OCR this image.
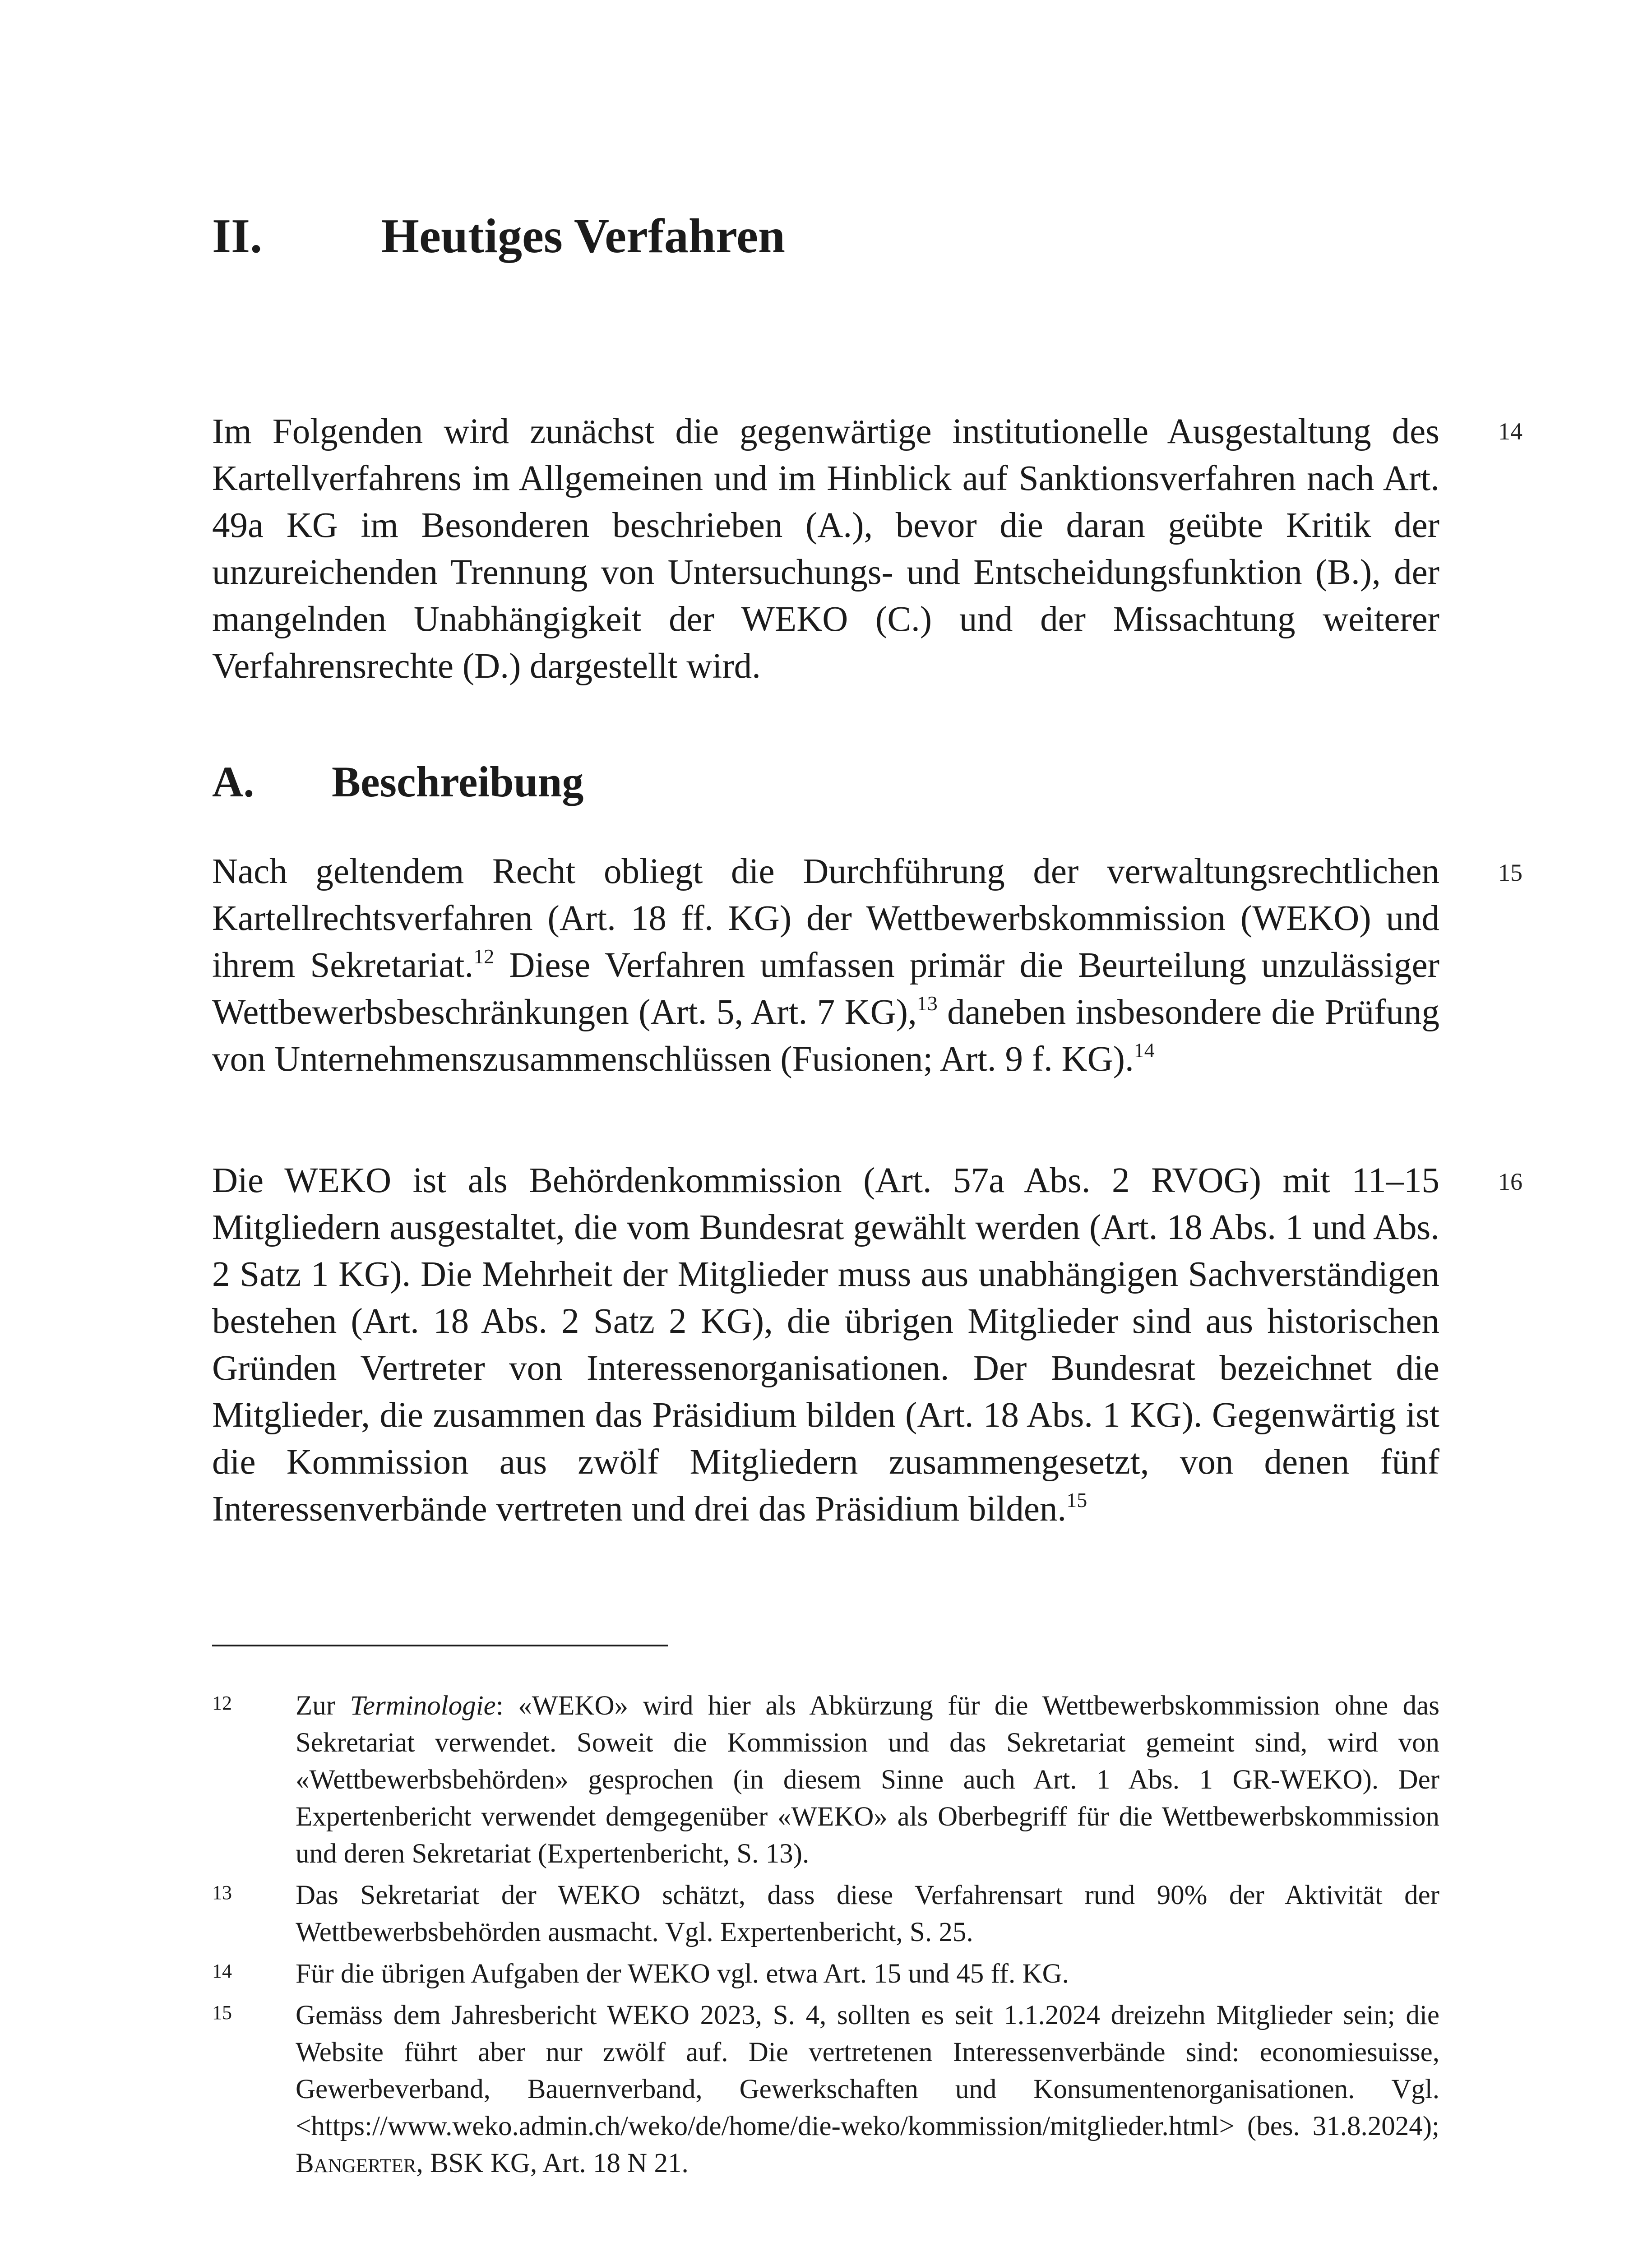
II.	Heutiges Verfahren
14

Im Folgenden wird zunächst die gegenwärtige institutionelle Ausgestaltung des Kartellverfahrens im Allgemeinen und im Hinblick auf Sanktionsverfahren nach Art. 49a KG im Besonderen beschrieben (A.), bevor die daran geübte Kritik der unzureichenden Trennung von Untersuchungs- und Entscheidungsfunktion (B.), der mangelnden Unabhängigkeit der WEKO (C.) und der Missachtung weiterer Verfahrensrechte (D.) dargestellt wird.

A.	Beschreibung
15

Nach geltendem Recht obliegt die Durchführung der verwaltungsrechtlichen Kartellrechtsverfahren (Art. 18 ff. KG) der Wettbewerbskommission (WEKO) und ihrem Sekretariat.$^{12}$ Diese Verfahren umfassen primär die Beurteilung unzulässiger Wettbewerbsbeschränkungen (Art. 5, Art. 7 KG),$^{13}$ daneben insbesondere die Prüfung von Unternehmenszusammenschlüssen (Fusionen; Art. 9 f. KG).$^{14}$

16

Die WEKO ist als Behördenkommission (Art. 57a Abs. 2 RVOG) mit 11–15 Mitgliedern ausgestaltet, die vom Bundesrat gewählt werden (Art. 18 Abs. 1 und Abs. 2 Satz 1 KG). Die Mehrheit der Mitglieder muss aus unabhängigen Sachverständigen bestehen (Art. 18 Abs. 2 Satz 2 KG), die übrigen Mitglieder sind aus historischen Gründen Vertreter von Interessenorganisationen. Der Bundesrat bezeichnet die Mitglieder, die zusammen das Präsidium bilden (Art. 18 Abs. 1 KG). Gegenwärtig ist die Kommission aus zwölf Mitgliedern zusammengesetzt, von denen fünf Interessenverbände vertreten und drei das Präsidium bilden.$^{15}$

12	Zur Terminologie: «WEKO» wird hier als Abkürzung für die Wettbewerbskommission ohne das Sekretariat verwendet. Soweit die Kommission und das Sekretariat gemeint sind, wird von «Wettbewerbsbehörden» gesprochen (in diesem Sinne auch Art. 1 Abs. 1 GR-WEKO). Der Expertenbericht verwendet demgegenüber «WEKO» als Oberbegriff für die Wettbewerbskommission und deren Sekretariat (Expertenbericht, S. 13).
13	Das Sekretariat der WEKO schätzt, dass diese Verfahrensart rund 90% der Aktivität der Wettbewerbsbehörden ausmacht. Vgl. Expertenbericht, S. 25.
14	Für die übrigen Aufgaben der WEKO vgl. etwa Art. 15 und 45 ff. KG.
15	Gemäss dem Jahresbericht WEKO 2023, S. 4, sollten es seit 1.1.2024 dreizehn Mitglieder sein; die Website führt aber nur zwölf auf. Die vertretenen Interessenverbände sind: economiesuisse, Gewerbeverband, Bauernverband, Gewerkschaften und Konsumentenorganisationen. Vgl. <https://www.weko.admin.ch/weko/de/home/die-weko/kommission/mitglieder.html> (bes. 31.8.2024); Bangerter, BSK KG, Art. 18 N 21.
